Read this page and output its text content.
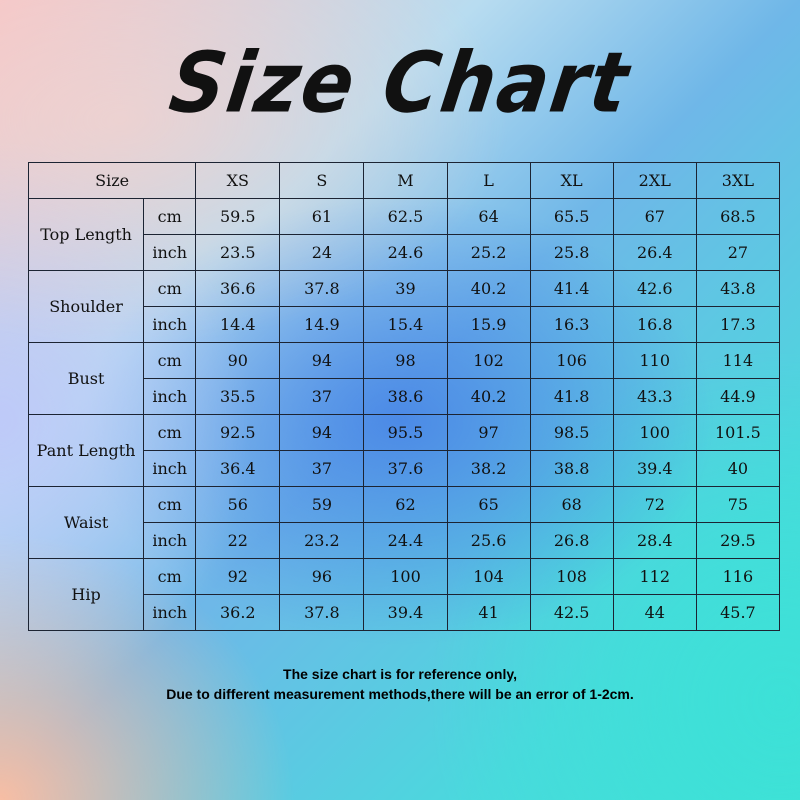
Size Chart
Size		XS	S	M	L	XL	2XL	3XL
Top Length	cm	59.5	61	62.5	64	65.5	67	68.5
	inch	23.5	24	24.6	25.2	25.8	26.4	27
Shoulder	cm	36.6	37.8	39	40.2	41.4	42.6	43.8
	inch	14.4	14.9	15.4	15.9	16.3	16.8	17.3
Bust	cm	90	94	98	102	106	110	114
	inch	35.5	37	38.6	40.2	41.8	43.3	44.9
Pant Length	cm	92.5	94	95.5	97	98.5	100	101.5
	inch	36.4	37	37.6	38.2	38.8	39.4	40
Waist	cm	56	59	62	65	68	72	75
	inch	22	23.2	24.4	25.6	26.8	28.4	29.5
Hip	cm	92	96	100	104	108	112	116
	inch	36.2	37.8	39.4	41	42.5	44	45.7
The size chart is for reference only,
Due to different measurement methods,there will be an error of 1-2cm.
